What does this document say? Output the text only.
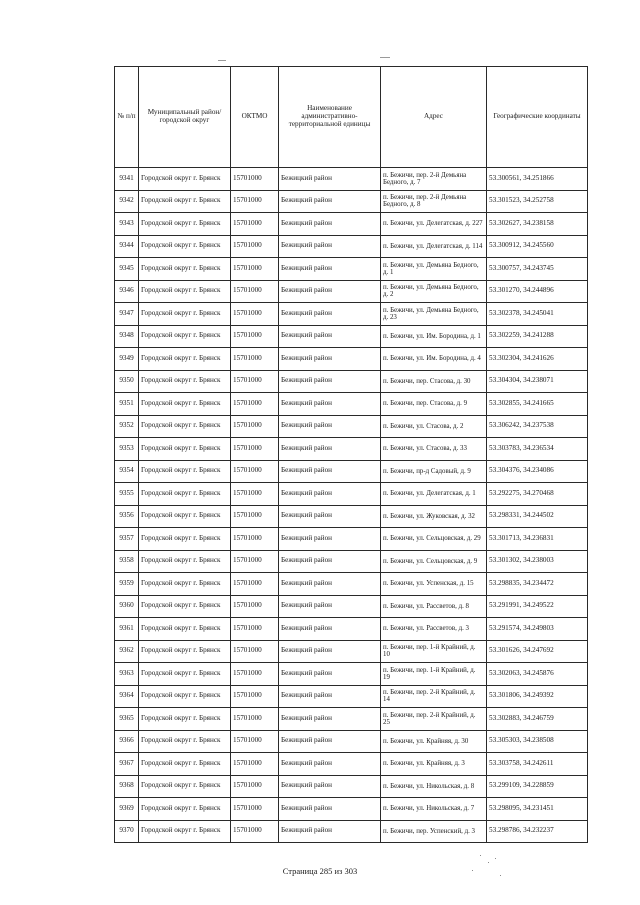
№ п/п	Муниципальный район/городской округ	ОКТМО	Наименование административно-территориальной единицы	Адрес	Географические координаты
9341	Городской округ г. Брянск	15701000	Бежицкий район	п. Бежичи, пер. 2-й Демьяна Бедного, д. 7	53.300561, 34.251866
9342	Городской округ г. Брянск	15701000	Бежицкий район	п. Бежичи, пер. 2-й Демьяна Бедного, д. 8	53.301523, 34.252758
9343	Городской округ г. Брянск	15701000	Бежицкий район	п. Бежичи, ул. Делегатская, д. 227	53.302627, 34.238158
9344	Городской округ г. Брянск	15701000	Бежицкий район	п. Бежичи, ул. Делегатская, д. 114	53.300912, 34.245560
9345	Городской округ г. Брянск	15701000	Бежицкий район	п. Бежичи, ул. Демьяна Бедного, д. 1	53.300757, 34.243745
9346	Городской округ г. Брянск	15701000	Бежицкий район	п. Бежичи, ул. Демьяна Бедного, д. 2	53.301270, 34.244896
9347	Городской округ г. Брянск	15701000	Бежицкий район	п. Бежичи, ул. Демьяна Бедного, д. 23	53.302378, 34.245041
9348	Городской округ г. Брянск	15701000	Бежицкий район	п. Бежичи, ул. Им. Бородина, д. 1	53.302259, 34.241288
9349	Городской округ г. Брянск	15701000	Бежицкий район	п. Бежичи, ул. Им. Бородина, д. 4	53.302304, 34.241626
9350	Городской округ г. Брянск	15701000	Бежицкий район	п. Бежичи, пер. Стасова, д. 30	53.304304, 34.238071
9351	Городской округ г. Брянск	15701000	Бежицкий район	п. Бежичи, пер. Стасова, д. 9	53.302855, 34.241665
9352	Городской округ г. Брянск	15701000	Бежицкий район	п. Бежичи, ул. Стасова, д. 2	53.306242, 34.237538
9353	Городской округ г. Брянск	15701000	Бежицкий район	п. Бежичи, ул. Стасова, д. 33	53.303783, 34.236534
9354	Городской округ г. Брянск	15701000	Бежицкий район	п. Бежичи, пр-д Садовый, д. 9	53.304376, 34.234086
9355	Городской округ г. Брянск	15701000	Бежицкий район	п. Бежичи, ул. Делегатская, д. 1	53.292275, 34.270468
9356	Городской округ г. Брянск	15701000	Бежицкий район	п. Бежичи, ул. Жуковская, д. 32	53.298331, 34.244502
9357	Городской округ г. Брянск	15701000	Бежицкий район	п. Бежичи, ул. Сельцовская, д. 29	53.301713, 34.236831
9358	Городской округ г. Брянск	15701000	Бежицкий район	п. Бежичи, ул. Сельцовская, д. 9	53.301302, 34.238003
9359	Городской округ г. Брянск	15701000	Бежицкий район	п. Бежичи, ул. Успенская, д. 15	53.298835, 34.234472
9360	Городской округ г. Брянск	15701000	Бежицкий район	п. Бежичи, ул. Рассветов, д. 8	53.291991, 34.249522
9361	Городской округ г. Брянск	15701000	Бежицкий район	п. Бежичи, ул. Рассветов, д. 3	53.291574, 34.249803
9362	Городской округ г. Брянск	15701000	Бежицкий район	п. Бежичи, пер. 1-й Крайний, д. 10	53.301626, 34.247692
9363	Городской округ г. Брянск	15701000	Бежицкий район	п. Бежичи, пер. 1-й Крайний, д. 19	53.302063, 34.245876
9364	Городской округ г. Брянск	15701000	Бежицкий район	п. Бежичи, пер. 2-й Крайний, д. 14	53.301806, 34.249392
9365	Городской округ г. Брянск	15701000	Бежицкий район	п. Бежичи, пер. 2-й Крайний, д. 25	53.302883, 34.246759
9366	Городской округ г. Брянск	15701000	Бежицкий район	п. Бежичи, ул. Крайняя, д. 30	53.305303, 34.238508
9367	Городской округ г. Брянск	15701000	Бежицкий район	п. Бежичи, ул. Крайняя, д. 3	53.303758, 34.242611
9368	Городской округ г. Брянск	15701000	Бежицкий район	п. Бежичи, ул. Никольская, д. 8	53.299109, 34.228859
9369	Городской округ г. Брянск	15701000	Бежицкий район	п. Бежичи, ул. Никольская, д. 7	53.298095, 34.231451
9370	Городской округ г. Брянск	15701000	Бежицкий район	п. Бежичи, пер. Успенский, д. 3	53.298786, 34.232237
Страница 285 из 303
